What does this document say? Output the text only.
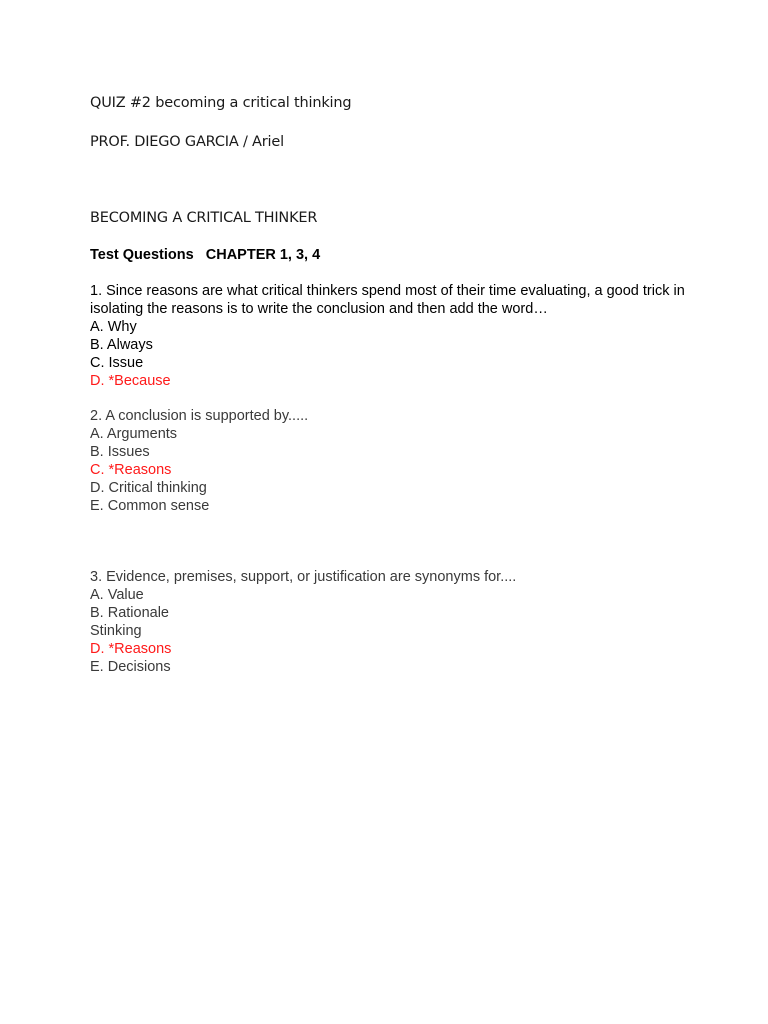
QUIZ #2 becoming a critical thinking
PROF. DIEGO GARCIA / Ariel
BECOMING A CRITICAL THINKER
Test Questions   CHAPTER 1, 3, 4
1. Since reasons are what critical thinkers spend most of their time evaluating, a good trick in isolating the reasons is to write the conclusion and then add the word…
A. Why
B. Always
C. Issue
D. *Because
2. A conclusion is supported by.....
A. Arguments
B. Issues
C. *Reasons
D. Critical thinking
E. Common sense
3. Evidence, premises, support, or justification are synonyms for....
A. Value
B. Rationale
Stinking
D. *Reasons
E. Decisions
